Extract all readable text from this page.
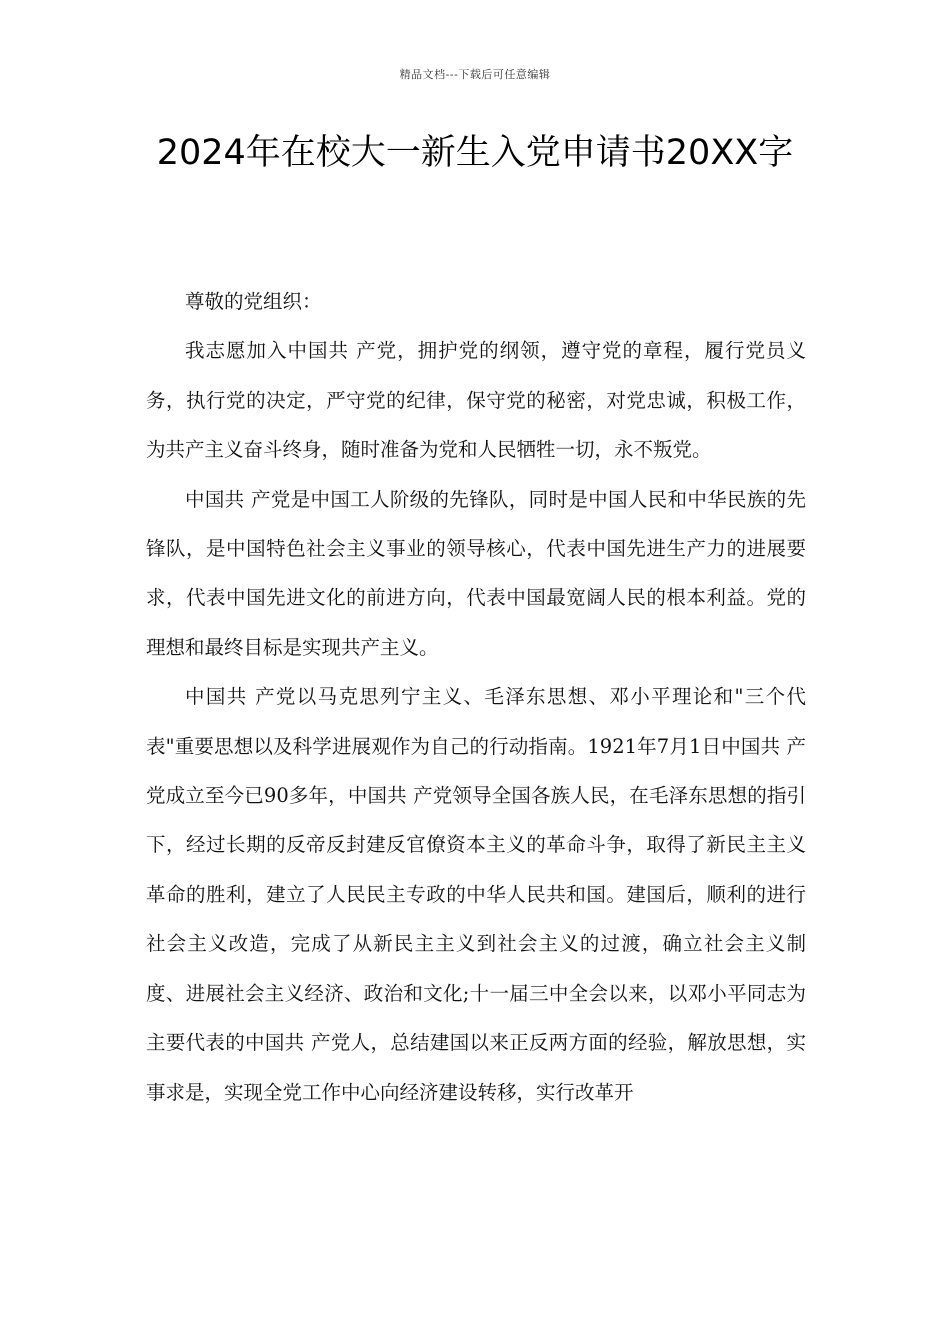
精品文档---下载后可任意编辑
2024年在校大一新生入党申请书20XX字

尊敬的党组织：

我志愿加入中国共 产党，拥护党的纲领，遵守党的章程，履行党员义务，执行党的决定，严守党的纪律，保守党的秘密，对党忠诚，积极工作，为共产主义奋斗终身，随时准备为党和人民牺牲一切，永不叛党。

中国共 产党是中国工人阶级的先锋队，同时是中国人民和中华民族的先锋队，是中国特色社会主义事业的领导核心，代表中国先进生产力的进展要求，代表中国先进文化的前进方向，代表中国最宽阔人民的根本利益。党的理想和最终目标是实现共产主义。

中国共 产党以马克思列宁主义、毛泽东思想、邓小平理论和"三个代表"重要思想以及科学进展观作为自己的行动指南。1921年7月1日中国共 产党成立至今已90多年，中国共 产党领导全国各族人民，在毛泽东思想的指引下，经过长期的反帝反封建反官僚资本主义的革命斗争，取得了新民主主义革命的胜利，建立了人民民主专政的中华人民共和国。建国后，顺利的进行社会主义改造，完成了从新民主主义到社会主义的过渡，确立社会主义制度、进展社会主义经济、政治和文化;十一届三中全会以来，以邓小平同志为主要代表的中国共 产党人，总结建国以来正反两方面的经验，解放思想，实事求是，实现全党工作中心向经济建设转移，实行改革开
